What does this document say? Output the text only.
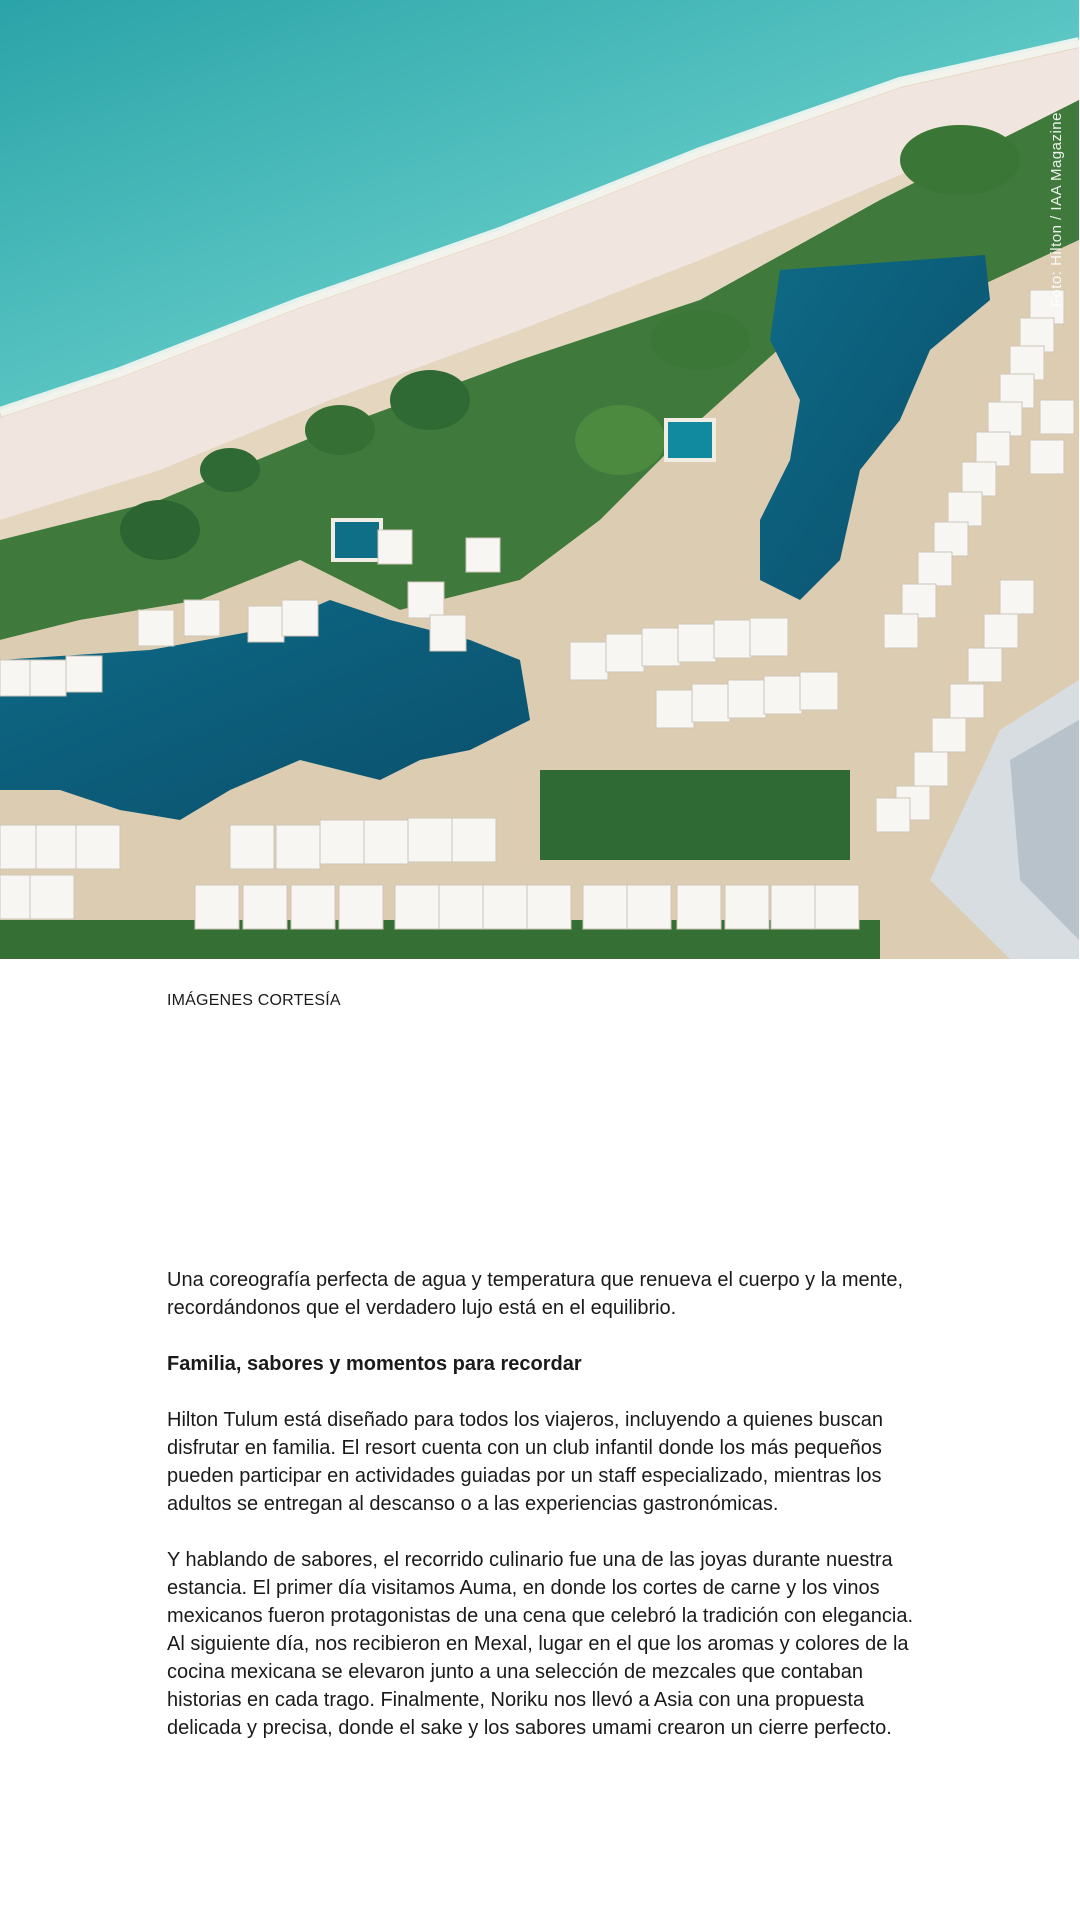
Foto: Hilton / IAA Magazine
IMÁGENES CORTESÍA

Una coreografía perfecta de agua y temperatura que renueva el cuerpo y la mente, recordándonos que el verdadero lujo está en el equilibrio.

Familia, sabores y momentos para recordar

Hilton Tulum está diseñado para todos los viajeros, incluyendo a quienes buscan disfrutar en familia. El resort cuenta con un club infantil donde los más pequeños pueden participar en actividades guiadas por un staff especializado, mientras los adultos se entregan al descanso o a las experiencias gastronómicas.

Y hablando de sabores, el recorrido culinario fue una de las joyas durante nuestra estancia. El primer día visitamos Auma, en donde los cortes de carne y los vinos mexicanos fueron protagonistas de una cena que celebró la tradición con elegancia. Al siguiente día, nos recibieron en Mexal, lugar en el que los aromas y colores de la cocina mexicana se elevaron junto a una selección de mezcales que contaban historias en cada trago. Finalmente, Noriku nos llevó a Asia con una propuesta delicada y precisa, donde el sake y los sabores umami crearon un cierre perfecto.
